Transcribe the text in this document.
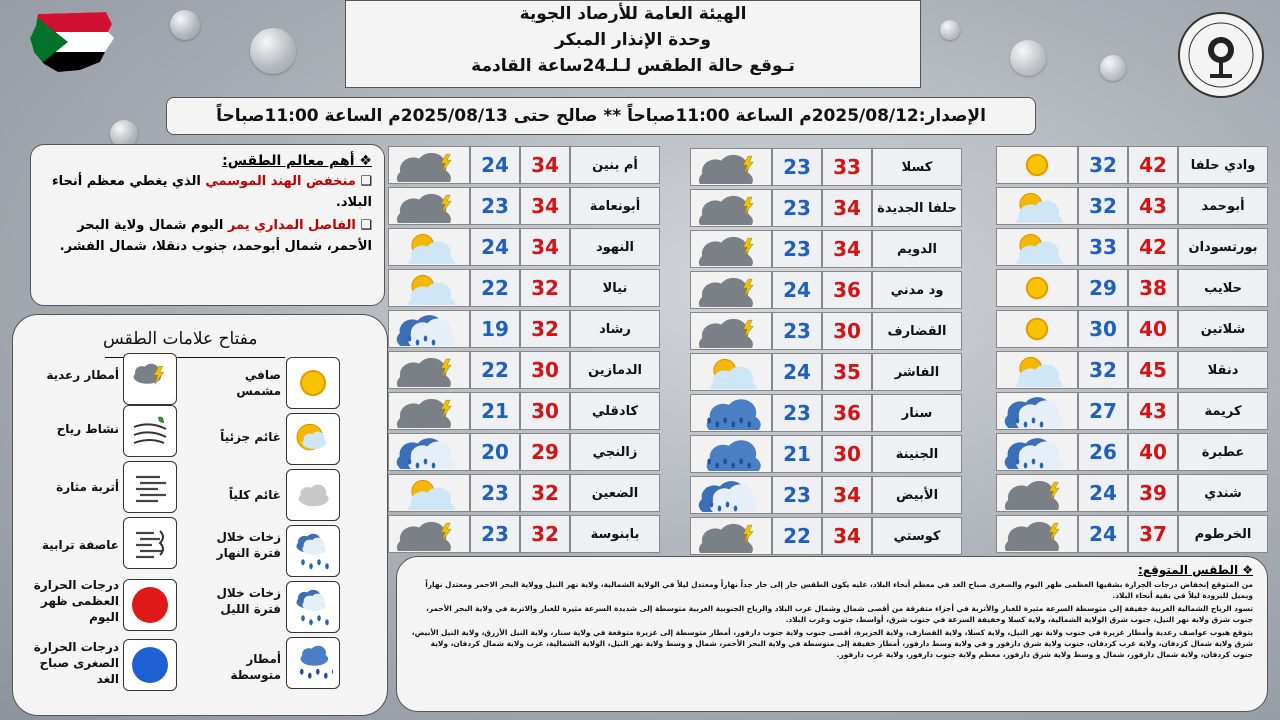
الهيئة العامة للأرصاد الجوية
وحدة الإنذار المبكر
تـوقع حالة الطقس لـلـ24ساعة القادمة
الإصدار:2025/08/12م الساعة 11:00صباحاً ** صالح حتى 2025/08/13م الساعة 11:00صباحاً
❖ أهم معالم الطقس:
❑ منخفض الهند الموسمي الذي يغطي معظم أنحاء البلاد.
❑ الفاصل المداري يمر اليوم شمال ولاية البحر الأحمر، شمال أبوحمد، جنوب دنقلا، شمال الفشر.
مفتاح علامات الطقس
صافي مشمس
غائم جزئياً
غائم كلياً
زخات خلال فترة النهار
زخات خلال فترة الليل
أمطار متوسطة
أمطار رعدية
نشاط رياح
أتربة مثارة
عاصفة ترابية
درجات الحرارة العظمى ظهر اليوم
درجات الحرارة الصغرى صباح الغد
32	42	وادي حلفا
32	43	أبوحمد
33	42	بورتسودان
29	38	حلايب
30	40	شلاتين
32	45	دنقلا
27	43	كريمة
26	40	عطبرة
24	39	شندي
24	37	الخرطوم
23	33	كسلا
23	34	حلفا الجديدة
23	34	الدويم
24	36	ود مدني
23	30	القضارف
24	35	الفاشر
23	36	سنار
21	30	الجنينة
23	34	الأبيض
22	34	كوستي
24	34	أم بنين
23	34	أبونعامة
24	34	النهود
22	32	نيالا
19	32	رشاد
22	30	الدمازين
21	30	كادقلي
20	29	زالنجي
23	32	الضعين
23	32	بابنوسة
❖ الطقس المتوقع:

من المتوقع إنخفاض درجات الحرارة بشقيها العظمى ظهر اليوم والصغرى صباح الغد في معظم أنحاء البلاد، عليه يكون الطقس حار إلى حار جداً نهاراً ومعتدل ليلاً في الولاية الشمالية، ولاية نهر النيل وولاية البحر الاحمر ومعتدل نهاراً ويميل للبرودة ليلاً في بقية أنحاء البلاد.

تسود الرياح الشمالية الغربية خفيفة إلى متوسطة السرعة مثيرة للغبار والأتربة في أجزاء متفرقة من أقصى شمال وشمال غرب البلاد والرياح الجنوبية الغربية متوسطة إلى شديدة السرعة مثيرة للغبار والاتربة في ولاية البحر الأحمر، جنوب شرق ولاية نهر النيل، جنوب شرق الولاية الشمالية، ولاية كسلا وخفيفة السرعة في جنوب شرق، أواسط، جنوب وغرب البلاد.

يتوقع هبوب عواصف رعدية وأمطار غزيرة في جنوب ولاية نهر النيل، ولاية كسلا، ولاية القضارف، ولاية الجزيرة، أقصى جنوب ولاية جنوب دارفور، أمطار متوسطة إلى غزيرة متوقعة في ولاية سنار، ولاية النيل الأزرق، ولاية النيل الأبيض، شرق ولاية شمال كردفان، ولاية غرب كردفان، جنوب ولاية شرق دارفور و في ولاية وسط دارفور، أمطار خفيفة إلى متوسطة في ولاية البحر الأحمر، شمال و وسط ولاية نهر النيل، الولاية الشمالية، غرب ولاية شمال كردفان، ولاية جنوب كردفان، ولاية شمال دارفور، شمال و وسط ولاية شرق دارفور، معظم ولاية جنوب دارفور، ولاية غرب دارفور.
